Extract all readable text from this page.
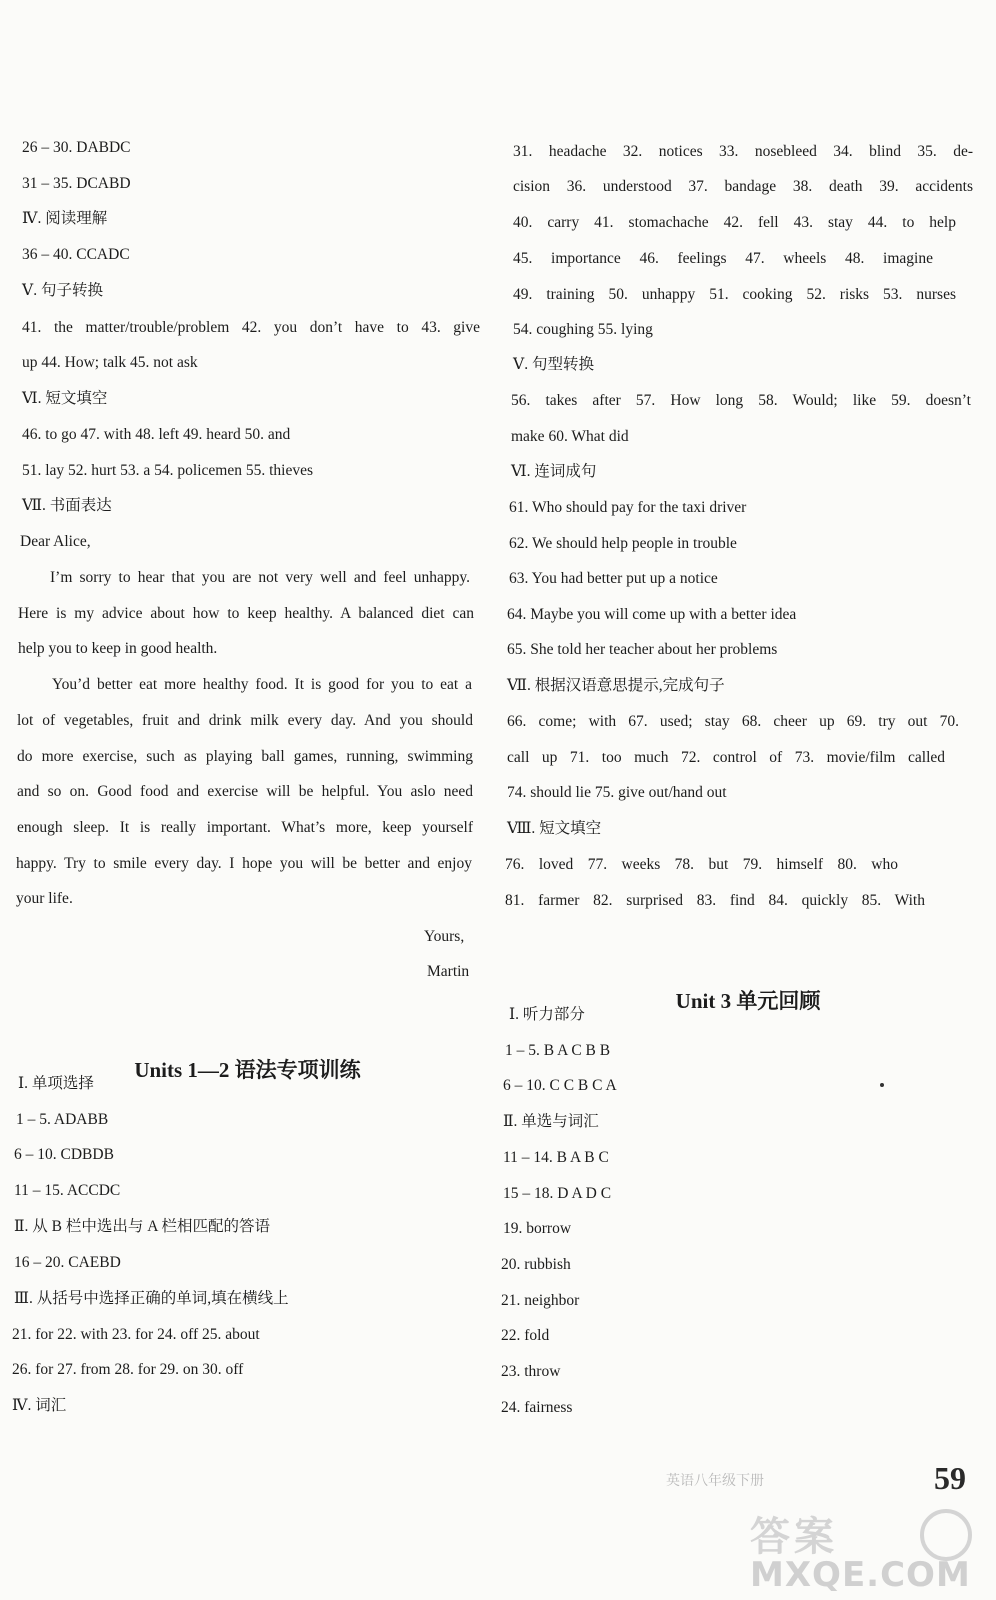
26 – 30. DABDC
31 – 35. DCABD
Ⅳ. 阅读理解
36 – 40. CCADC
Ⅴ. 句子转换
41. the matter/trouble/problem 42. you don’t have to 43. give
up 44. How; talk 45. not ask
Ⅵ. 短文填空
46. to go 47. with 48. left 49. heard 50. and
51. lay 52. hurt 53. a 54. policemen 55. thieves
Ⅶ. 书面表达
Dear Alice,
I’m sorry to hear that you are not very well and feel unhappy.
Here is my advice about how to keep healthy. A balanced diet can
help you to keep in good health.
You’d better eat more healthy food. It is good for you to eat a
lot of vegetables, fruit and drink milk every day. And you should
do more exercise, such as playing ball games, running, swimming
and so on. Good food and exercise will be helpful. You aslo need
enough sleep. It is really important. What’s more, keep yourself
happy. Try to smile every day. I hope you will be better and enjoy
your life.
Yours,
Martin
Ⅰ. 单项选择
1 – 5. ADABB
6 – 10. CDBDB
11 – 15. ACCDC
Ⅱ. 从 B 栏中选出与 A 栏相匹配的答语
16 – 20. CAEBD
Ⅲ. 从括号中选择正确的单词,填在横线上
21. for 22. with 23. for 24. off 25. about
26. for 27. from 28. for 29. on 30. off
Ⅳ. 词汇
Units 1—2 语法专项训练
31. headache 32. notices 33. nosebleed 34. blind 35. de-
cision 36. understood 37. bandage 38. death 39. accidents
40. carry 41. stomachache 42. fell 43. stay 44. to help
45. importance 46. feelings 47. wheels 48. imagine
49. training 50. unhappy 51. cooking 52. risks 53. nurses
54. coughing 55. lying
Ⅴ. 句型转换
56. takes after 57. How long 58. Would; like 59. doesn’t
make 60. What did
Ⅵ. 连词成句
61. Who should pay for the taxi driver
62. We should help people in trouble
63. You had better put up a notice
64. Maybe you will come up with a better idea
65. She told her teacher about her problems
Ⅶ. 根据汉语意思提示,完成句子
66. come; with 67. used; stay 68. cheer up 69. try out 70.
call up 71. too much 72. control of 73. movie/film called
74. should lie 75. give out/hand out
Ⅷ. 短文填空
76. loved 77. weeks 78. but 79. himself 80. who
81. farmer 82. surprised 83. find 84. quickly 85. With
Ⅰ. 听力部分
1 – 5. B A C B B
6 – 10. C C B C A
Ⅱ. 单选与词汇
11 – 14. B A B C
15 – 18. D A D C
19. borrow
20. rubbish
21. neighbor
22. fold
23. throw
24. fairness
Unit 3 单元回顾
英语八年级下册	59
答案
MXQE.COM
